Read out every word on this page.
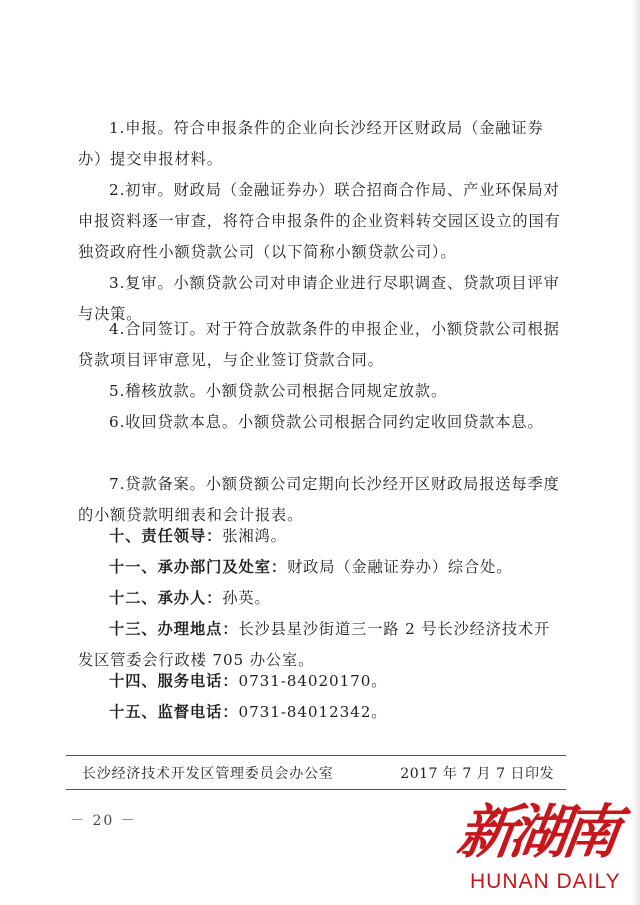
1.申报。符合申报条件的企业向长沙经开区财政局（金融证券办）提交申报材料。

2.初审。财政局（金融证券办）联合招商合作局、产业环保局对申报资料逐一审查，将符合申报条件的企业资料转交园区设立的国有独资政府性小额贷款公司（以下简称小额贷款公司）。

3.复审。小额贷款公司对申请企业进行尽职调查、贷款项目评审与决策。

4.合同签订。对于符合放款条件的申报企业，小额贷款公司根据贷款项目评审意见，与企业签订贷款合同。

5.稽核放款。小额贷款公司根据合同规定放款。

6.收回贷款本息。小额贷款公司根据合同约定收回贷款本息。

7.贷款备案。小额贷额公司定期向长沙经开区财政局报送每季度的小额贷款明细表和会计报表。

十、责任领导：张湘鸿。

十一、承办部门及处室：财政局（金融证券办）综合处。

十二、承办人：孙英。

十三、办理地点：长沙县星沙街道三一路 2 号长沙经济技术开发区管委会行政楼 705 办公室。

十四、服务电话：0731-84020170。

十五、监督电话：0731-84012342。

长沙经济技术开发区管理委员会办公室	2017 年 7 月 7 日印发
－ 20 －	新湖南
HUNAN DAILY
